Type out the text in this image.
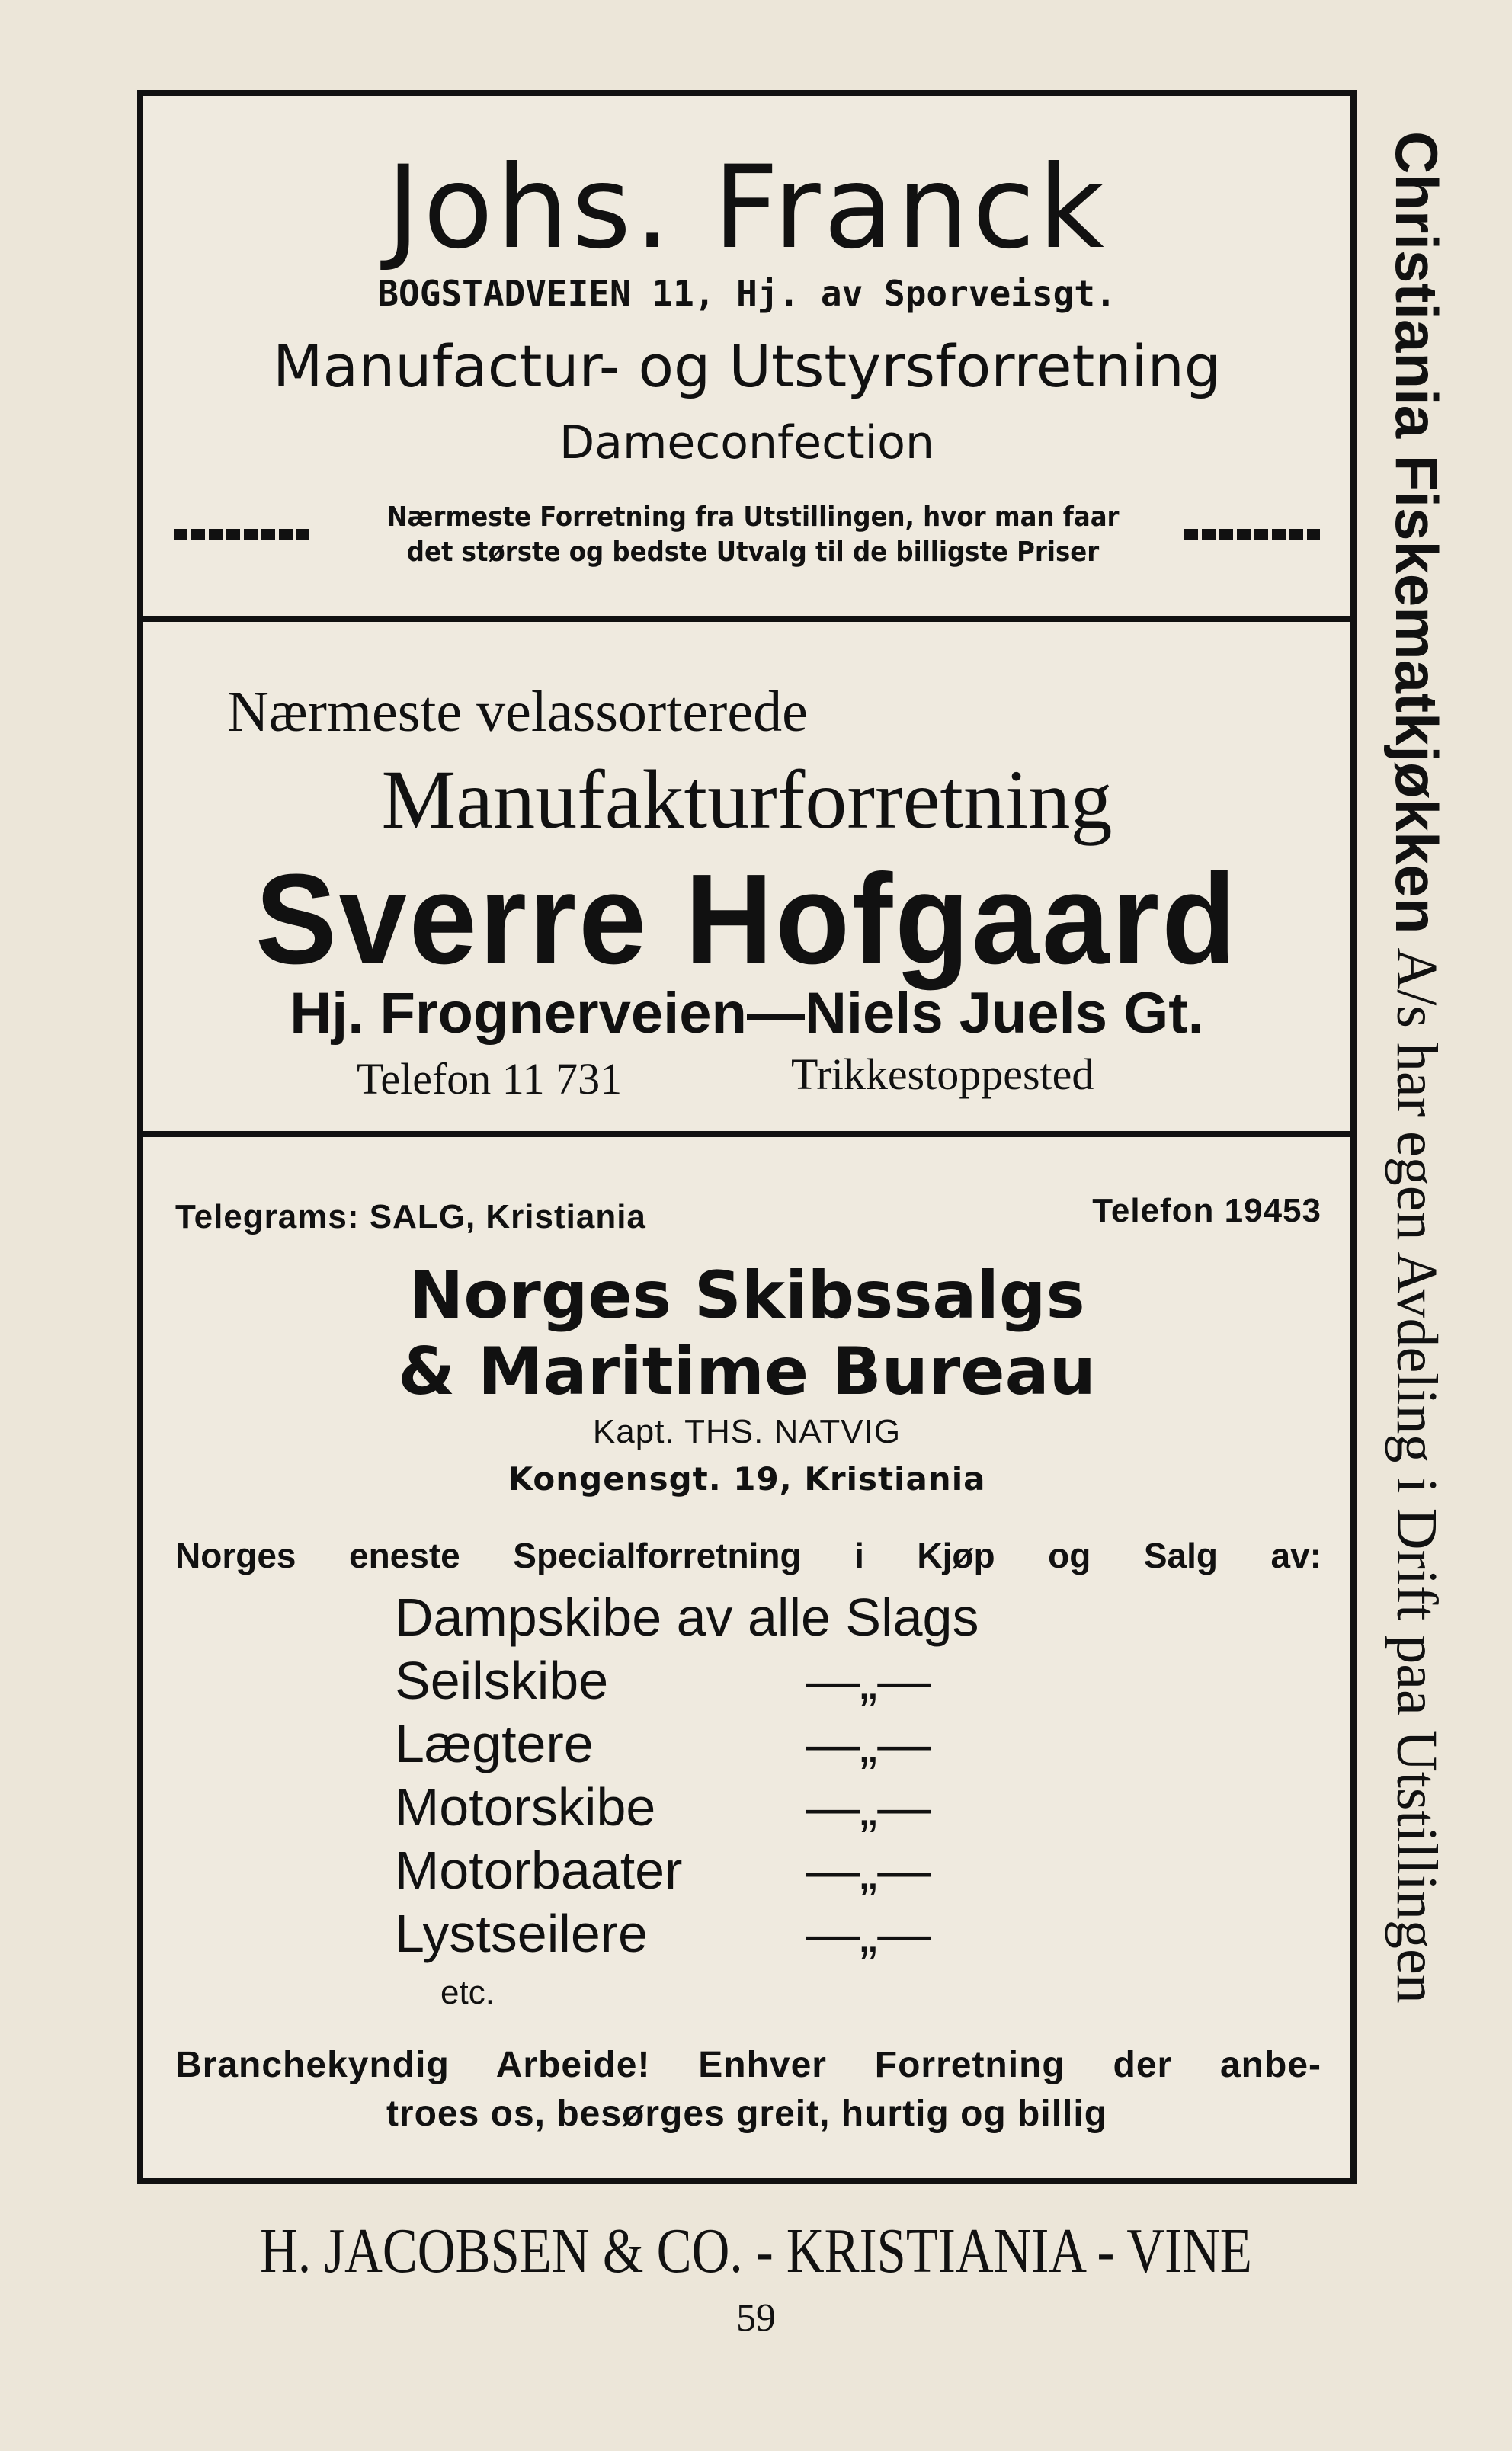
Johs. Franck
BOGSTADVEIEN 11, Hj. av Sporveisgt.
Manufactur- og Utstyrsforretning
Dameconfection
Nærmeste Forretning fra Utstillingen, hvor man faar
det største og bedste Utvalg til de billigste Priser
Nærmeste velassorterede
Manufakturforretning
Sverre Hofgaard
Hj. Frognerveien—Niels Juels Gt.
Telefon 11 731	Trikkestoppested
Telegrams: SALG, Kristiania	Telefon 19453
Norges Skibssalgs
& Maritime Bureau
Kapt. THS. NATVIG
Kongensgt. 19, Kristiania
Norges eneste Specialforretning i Kjøp og Salg av:
Dampskibe av alle Slags
Seilskibe	—„—
Lægtere	—„—
Motorskibe	—„—
Motorbaater —„—
Lystseilere	—„—
etc.
Branchekyndig Arbeide! Enhver Forretning der anbe-
troes os, besørges greit, hurtig og billig
Christiania Fiskematkjøkken
A/s
har egen Avdeling i Drift paa Utstillingen
H. JACOBSEN & CO. - KRISTIANIA - VINE
59
